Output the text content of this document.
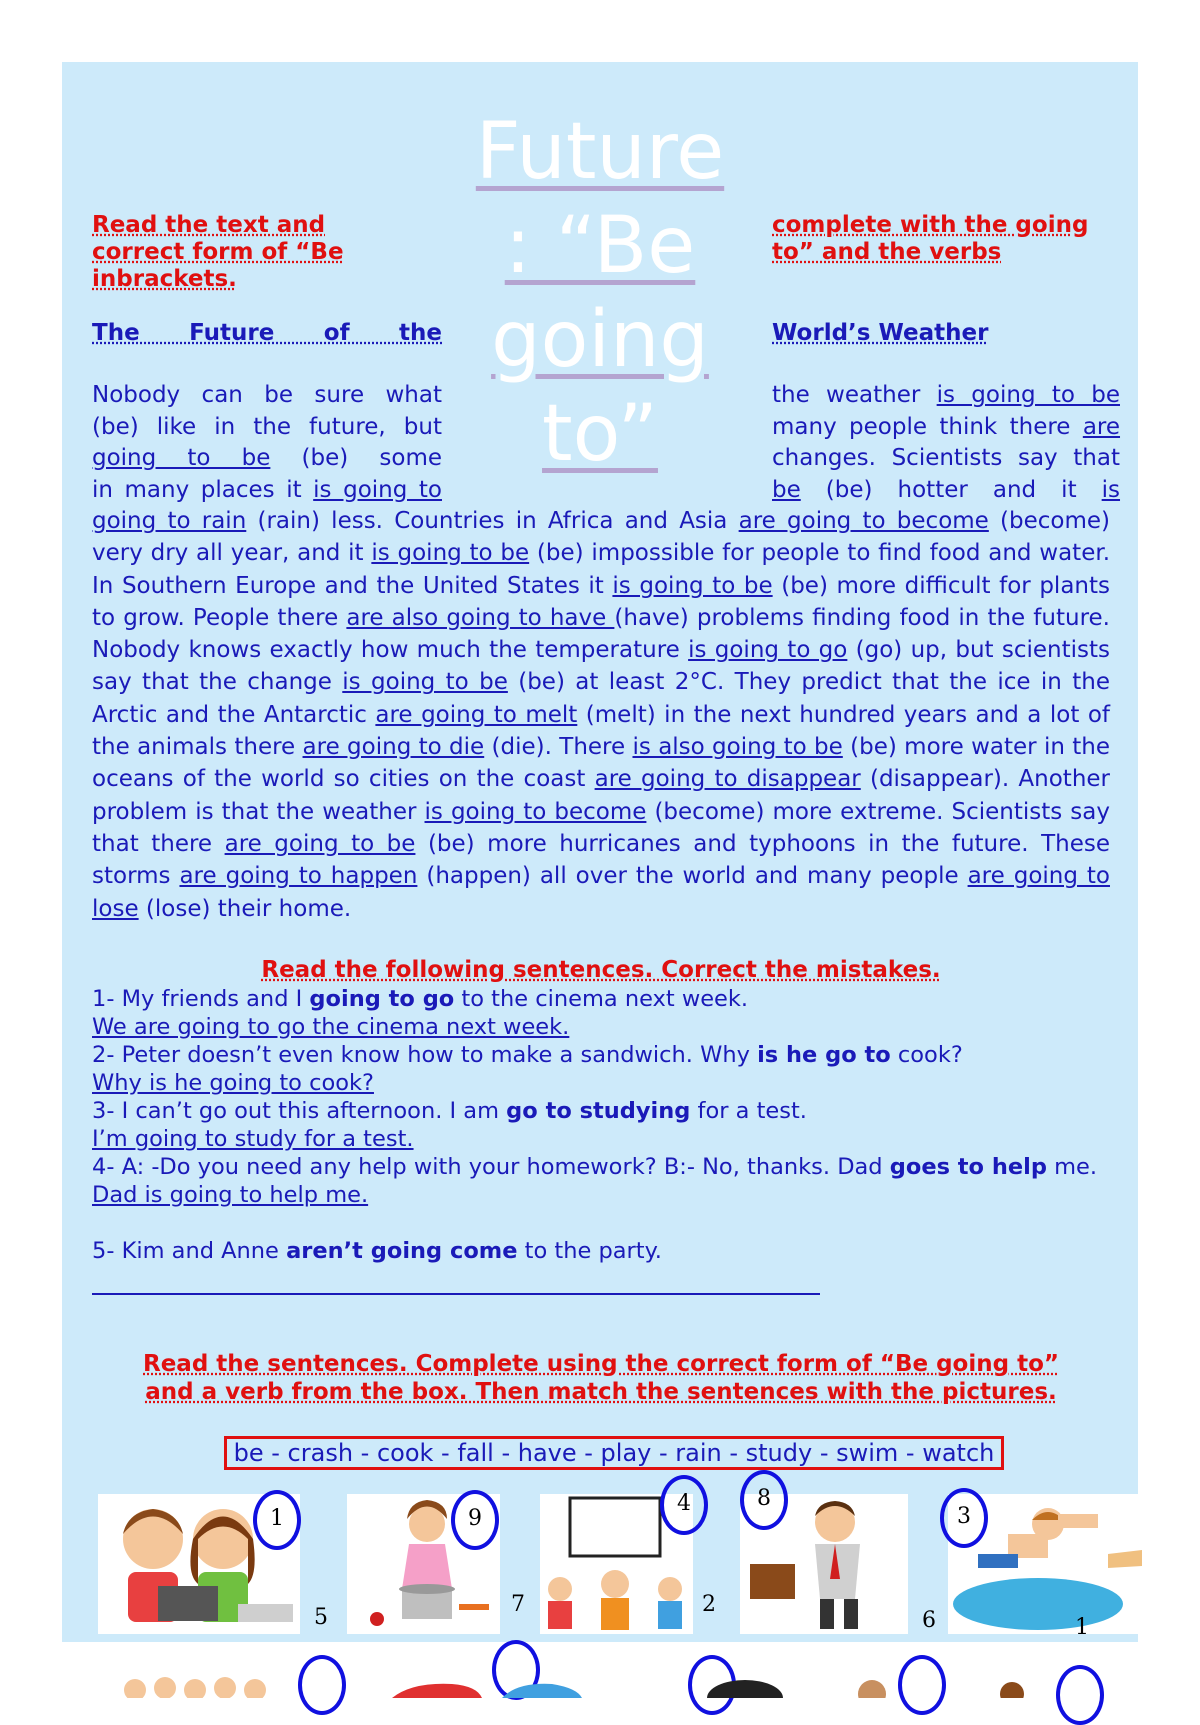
Future
: “Be
going
to”
Read the text and correct form of “Be inbrackets.
complete with the going to” and the verbs
The Future of the	World’s Weather
Nobody can be sure what
(be) like in the future, but
going to be (be) some
in many places it is going to
the weather is going to be
many people think there are
changes. Scientists say that
be (be) hotter and it is
going to rain (rain) less. Countries in Africa and Asia are going to become (become) very dry all year, and it is going to be (be) impossible for people to find food and water. In Southern Europe and the United States it is going to be (be) more difficult for plants to grow. People there are also going to have (have) problems finding food in the future. Nobody knows exactly how much the temperature is going to go (go) up, but scientists say that the change is going to be (be) at least 2°C. They predict that the ice in the Arctic and the Antarctic are going to melt (melt) in the next hundred years and a lot of the animals there are going to die (die). There is also going to be (be) more water in the oceans of the world so cities on the coast are going to disappear (disappear). Another problem is that the weather is going to become (become) more extreme. Scientists say that there are going to be (be) more hurricanes and typhoons in the future. These storms are going to happen (happen) all over the world and many people are going to lose (lose) their home.
Read the following sentences. Correct the mistakes.
1- My friends and I going to go to the cinema next week.
We are going to go the cinema next week.
2- Peter doesn’t even know how to make a sandwich. Why is he go to cook?
Why is he going to cook?
3- I can’t go out this afternoon. I am go to studying for a test.
I’m going to study for a test.
4- A: -Do you need any help with your homework? B:- No, thanks. Dad goes to help me.
Dad is going to help me.
5- Kim and Anne aren’t going come to the party.
Read the sentences. Complete using the correct form of “Be going to”
and a verb from the box. Then match the sentences with the pictures.
be - crash - cook - fall - have - play - rain - study - swim - watch
1	9
4	8
3
5
7	2
6	1
